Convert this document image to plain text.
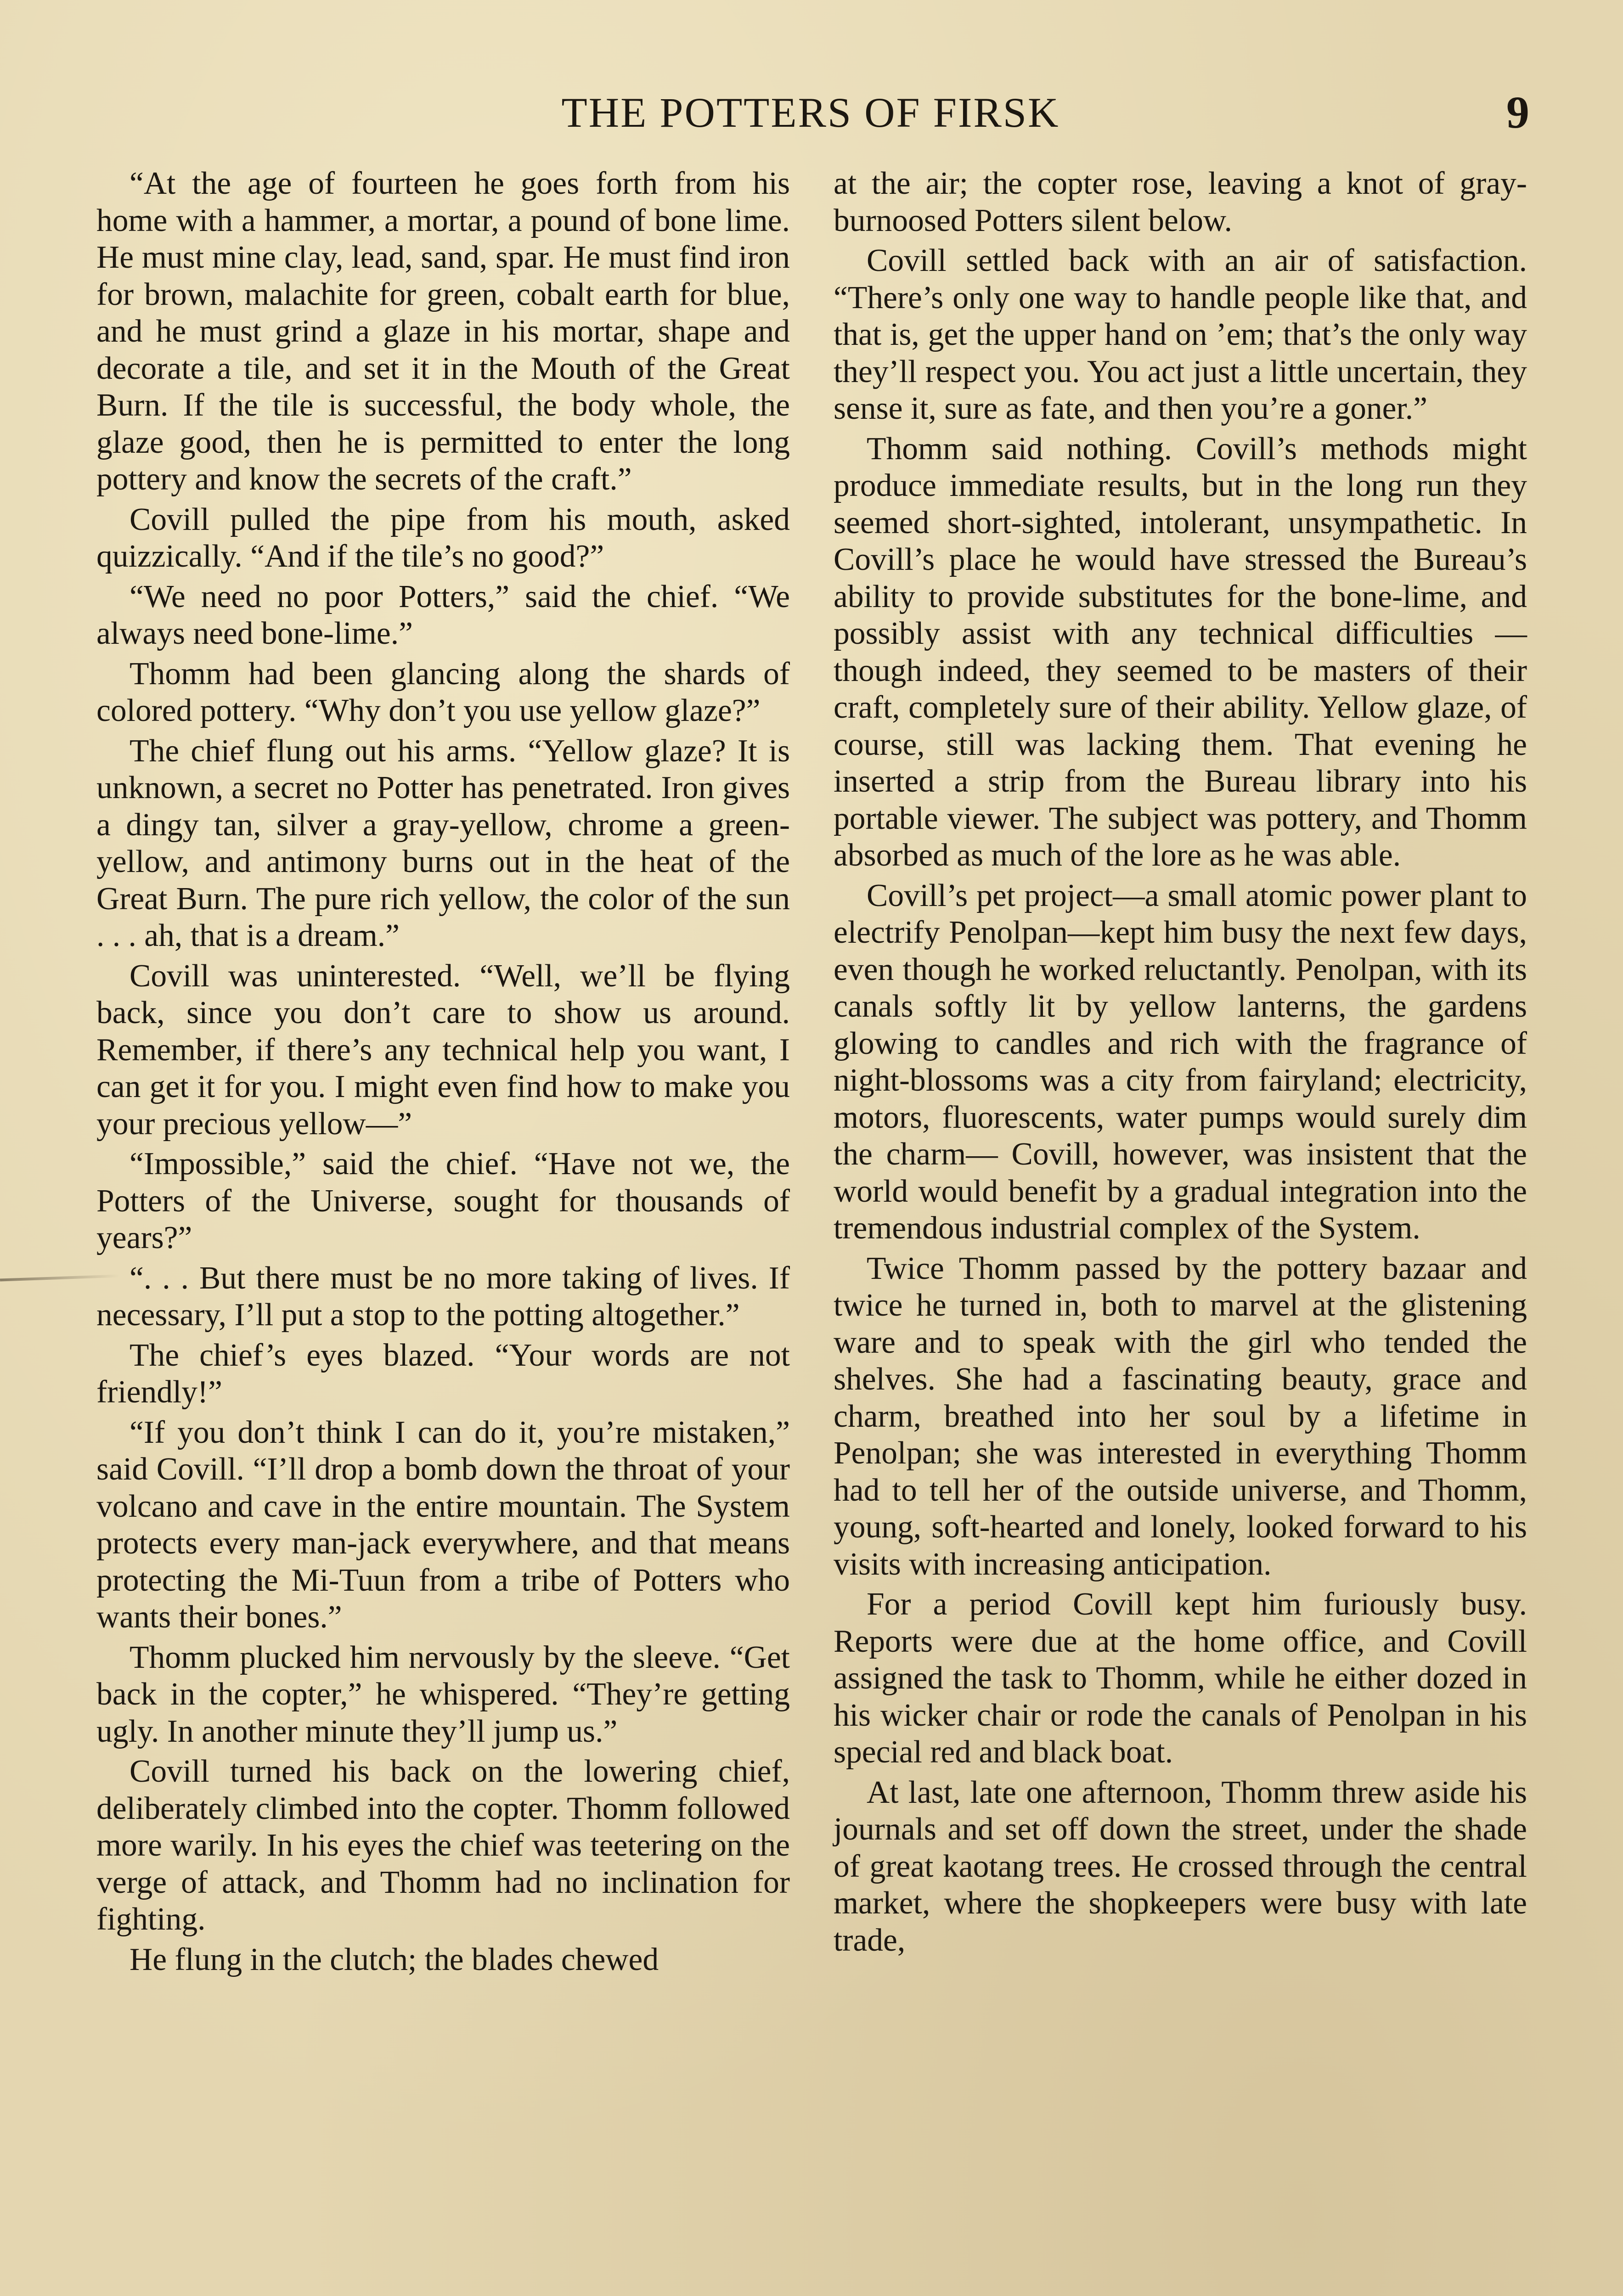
THE POTTERS OF FIRSK	9

“At the age of fourteen he goes forth from his home with a hammer, a mortar, a pound of bone lime. He must mine clay, lead, sand, spar. He must find iron for brown, malachite for green, cobalt earth for blue, and he must grind a glaze in his mortar, shape and decorate a tile, and set it in the Mouth of the Great Burn. If the tile is successful, the body whole, the glaze good, then he is permitted to enter the long pottery and know the secrets of the craft.”

Covill pulled the pipe from his mouth, asked quizzically. “And if the tile’s no good?”

“We need no poor Potters,” said the chief. “We always need bone-lime.”

Thomm had been glancing along the shards of colored pottery. “Why don’t you use yellow glaze?”

The chief flung out his arms. “Yellow glaze? It is unknown, a secret no Potter has penetrated. Iron gives a dingy tan, silver a gray-yellow, chrome a green-yellow, and antimony burns out in the heat of the Great Burn. The pure rich yellow, the color of the sun . . . ah, that is a dream.”

Covill was uninterested. “Well, we’ll be flying back, since you don’t care to show us around. Remember, if there’s any technical help you want, I can get it for you. I might even find how to make you your precious yellow—”

“Impossible,” said the chief. “Have not we, the Potters of the Universe, sought for thousands of years?”

“. . . But there must be no more taking of lives. If necessary, I’ll put a stop to the potting altogether.”

The chief’s eyes blazed. “Your words are not friendly!”

“If you don’t think I can do it, you’re mistaken,” said Covill. “I’ll drop a bomb down the throat of your volcano and cave in the entire mountain. The System protects every man-jack everywhere, and that means protecting the Mi-Tuun from a tribe of Potters who wants their bones.”

Thomm plucked him nervously by the sleeve. “Get back in the copter,” he whispered. “They’re getting ugly. In another minute they’ll jump us.”

Covill turned his back on the lowering chief, deliberately climbed into the copter. Thomm followed more warily. In his eyes the chief was teetering on the verge of attack, and Thomm had no inclination for fighting.

He flung in the clutch; the blades chewed

at the air; the copter rose, leaving a knot of gray-burnoosed Potters silent below.

Covill settled back with an air of satisfaction. “There’s only one way to handle people like that, and that is, get the upper hand on ’em; that’s the only way they’ll respect you. You act just a little uncertain, they sense it, sure as fate, and then you’re a goner.”

Thomm said nothing. Covill’s methods might produce immediate results, but in the long run they seemed short-sighted, intolerant, unsympathetic. In Covill’s place he would have stressed the Bureau’s ability to provide substitutes for the bone-lime, and possibly assist with any technical difficulties —though indeed, they seemed to be masters of their craft, completely sure of their ability. Yellow glaze, of course, still was lacking them. That evening he inserted a strip from the Bureau library into his portable viewer. The subject was pottery, and Thomm absorbed as much of the lore as he was able.

Covill’s pet project—a small atomic power plant to electrify Penolpan—kept him busy the next few days, even though he worked reluctantly. Penolpan, with its canals softly lit by yellow lanterns, the gardens glowing to candles and rich with the fragrance of night-blossoms was a city from fairyland; electricity, motors, fluorescents, water pumps would surely dim the charm— Covill, however, was insistent that the world would benefit by a gradual integration into the tremendous industrial complex of the System.

Twice Thomm passed by the pottery bazaar and twice he turned in, both to marvel at the glistening ware and to speak with the girl who tended the shelves. She had a fascinating beauty, grace and charm, breathed into her soul by a lifetime in Penolpan; she was interested in everything Thomm had to tell her of the outside universe, and Thomm, young, soft-hearted and lonely, looked forward to his visits with increasing anticipation.

For a period Covill kept him furiously busy. Reports were due at the home office, and Covill assigned the task to Thomm, while he either dozed in his wicker chair or rode the canals of Penolpan in his special red and black boat.

At last, late one afternoon, Thomm threw aside his journals and set off down the street, under the shade of great kaotang trees. He crossed through the central market, where the shopkeepers were busy with late trade,
